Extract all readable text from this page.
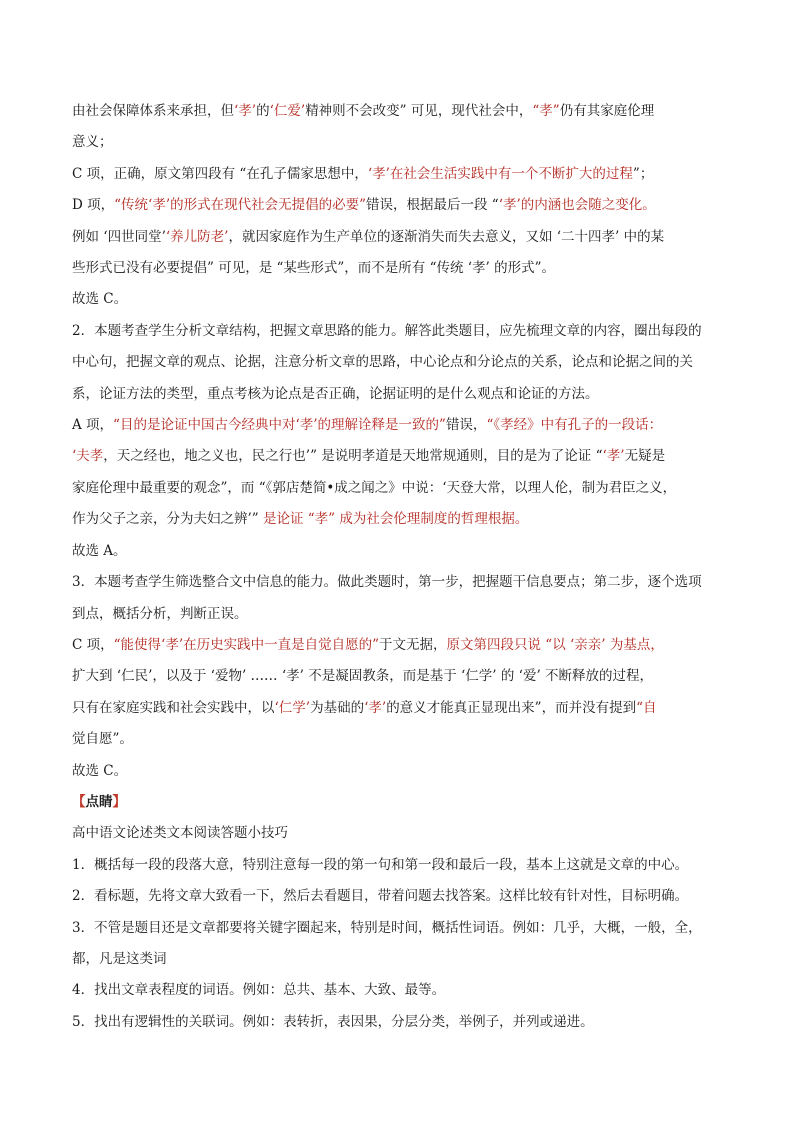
由社会保障体系来承担，但‘孝’的‘仁爱’精神则不会改变” 可见，现代社会中，“孝”仍有其家庭伦理

意义；

C 项，正确，原文第四段有 “在孔子儒家思想中，‘孝’在社会生活实践中有一个不断扩大的过程”；

D 项，“传统‘孝’的形式在现代社会无提倡的必要”错误，根据最后一段 “‘孝’的内涵也会随之变化。

例如 ‘四世同堂’‘养儿防老’，就因家庭作为生产单位的逐渐消失而失去意义，又如 ‘二十四孝’ 中的某

些形式已没有必要提倡” 可见，是 “某些形式”，而不是所有 “传统 ‘孝’ 的形式”。

故选 C。

2．本题考查学生分析文章结构，把握文章思路的能力。解答此类题目，应先梳理文章的内容，圈出每段的

中心句，把握文章的观点、论据，注意分析文章的思路，中心论点和分论点的关系，论点和论据之间的关

系，论证方法的类型，重点考核为论点是否正确，论据证明的是什么观点和论证的方法。

A 项，“目的是论证中国古今经典中对‘孝’的理解诠释是一致的”错误，“《孝经》中有孔子的一段话：

‘夫孝，天之经也，地之义也，民之行也’” 是说明孝道是天地常规通则，目的是为了论证 “‘孝’无疑是

家庭伦理中最重要的观念”，而 “《郭店楚简•成之闻之》中说：‘天登大常，以理人伦，制为君臣之义，

作为父子之亲，分为夫妇之辨’” 是论证 “孝” 成为社会伦理制度的哲理根据。

故选 A。

3．本题考查学生筛选整合文中信息的能力。做此类题时，第一步，把握题干信息要点；第二步，逐个选项

到点，概括分析，判断正误。

C 项，“能使得‘孝’在历史实践中一直是自觉自愿的”于文无据，原文第四段只说 “以 ‘亲亲’ 为基点，

扩大到 ‘仁民’，以及于 ‘爱物’ …… ‘孝’ 不是凝固教条，而是基于 ‘仁学’ 的 ‘爱’ 不断释放的过程，

只有在家庭实践和社会实践中，以‘仁学’为基础的‘孝’的意义才能真正显现出来”，而并没有提到“自

觉自愿”。

故选 C。

【点睛】

高中语文论述类文本阅读答题小技巧

1．概括每一段的段落大意，特别注意每一段的第一句和第一段和最后一段，基本上这就是文章的中心。

2．看标题，先将文章大致看一下，然后去看题目，带着问题去找答案。这样比较有针对性，目标明确。

3．不管是题目还是文章都要将关键字圈起来，特别是时间，概括性词语。例如：几乎，大概，一般，全，

都，凡是这类词

4．找出文章表程度的词语。例如：总共、基本、大致、最等。

5．找出有逻辑性的关联词。例如：表转折，表因果，分层分类，举例子，并列或递进。
